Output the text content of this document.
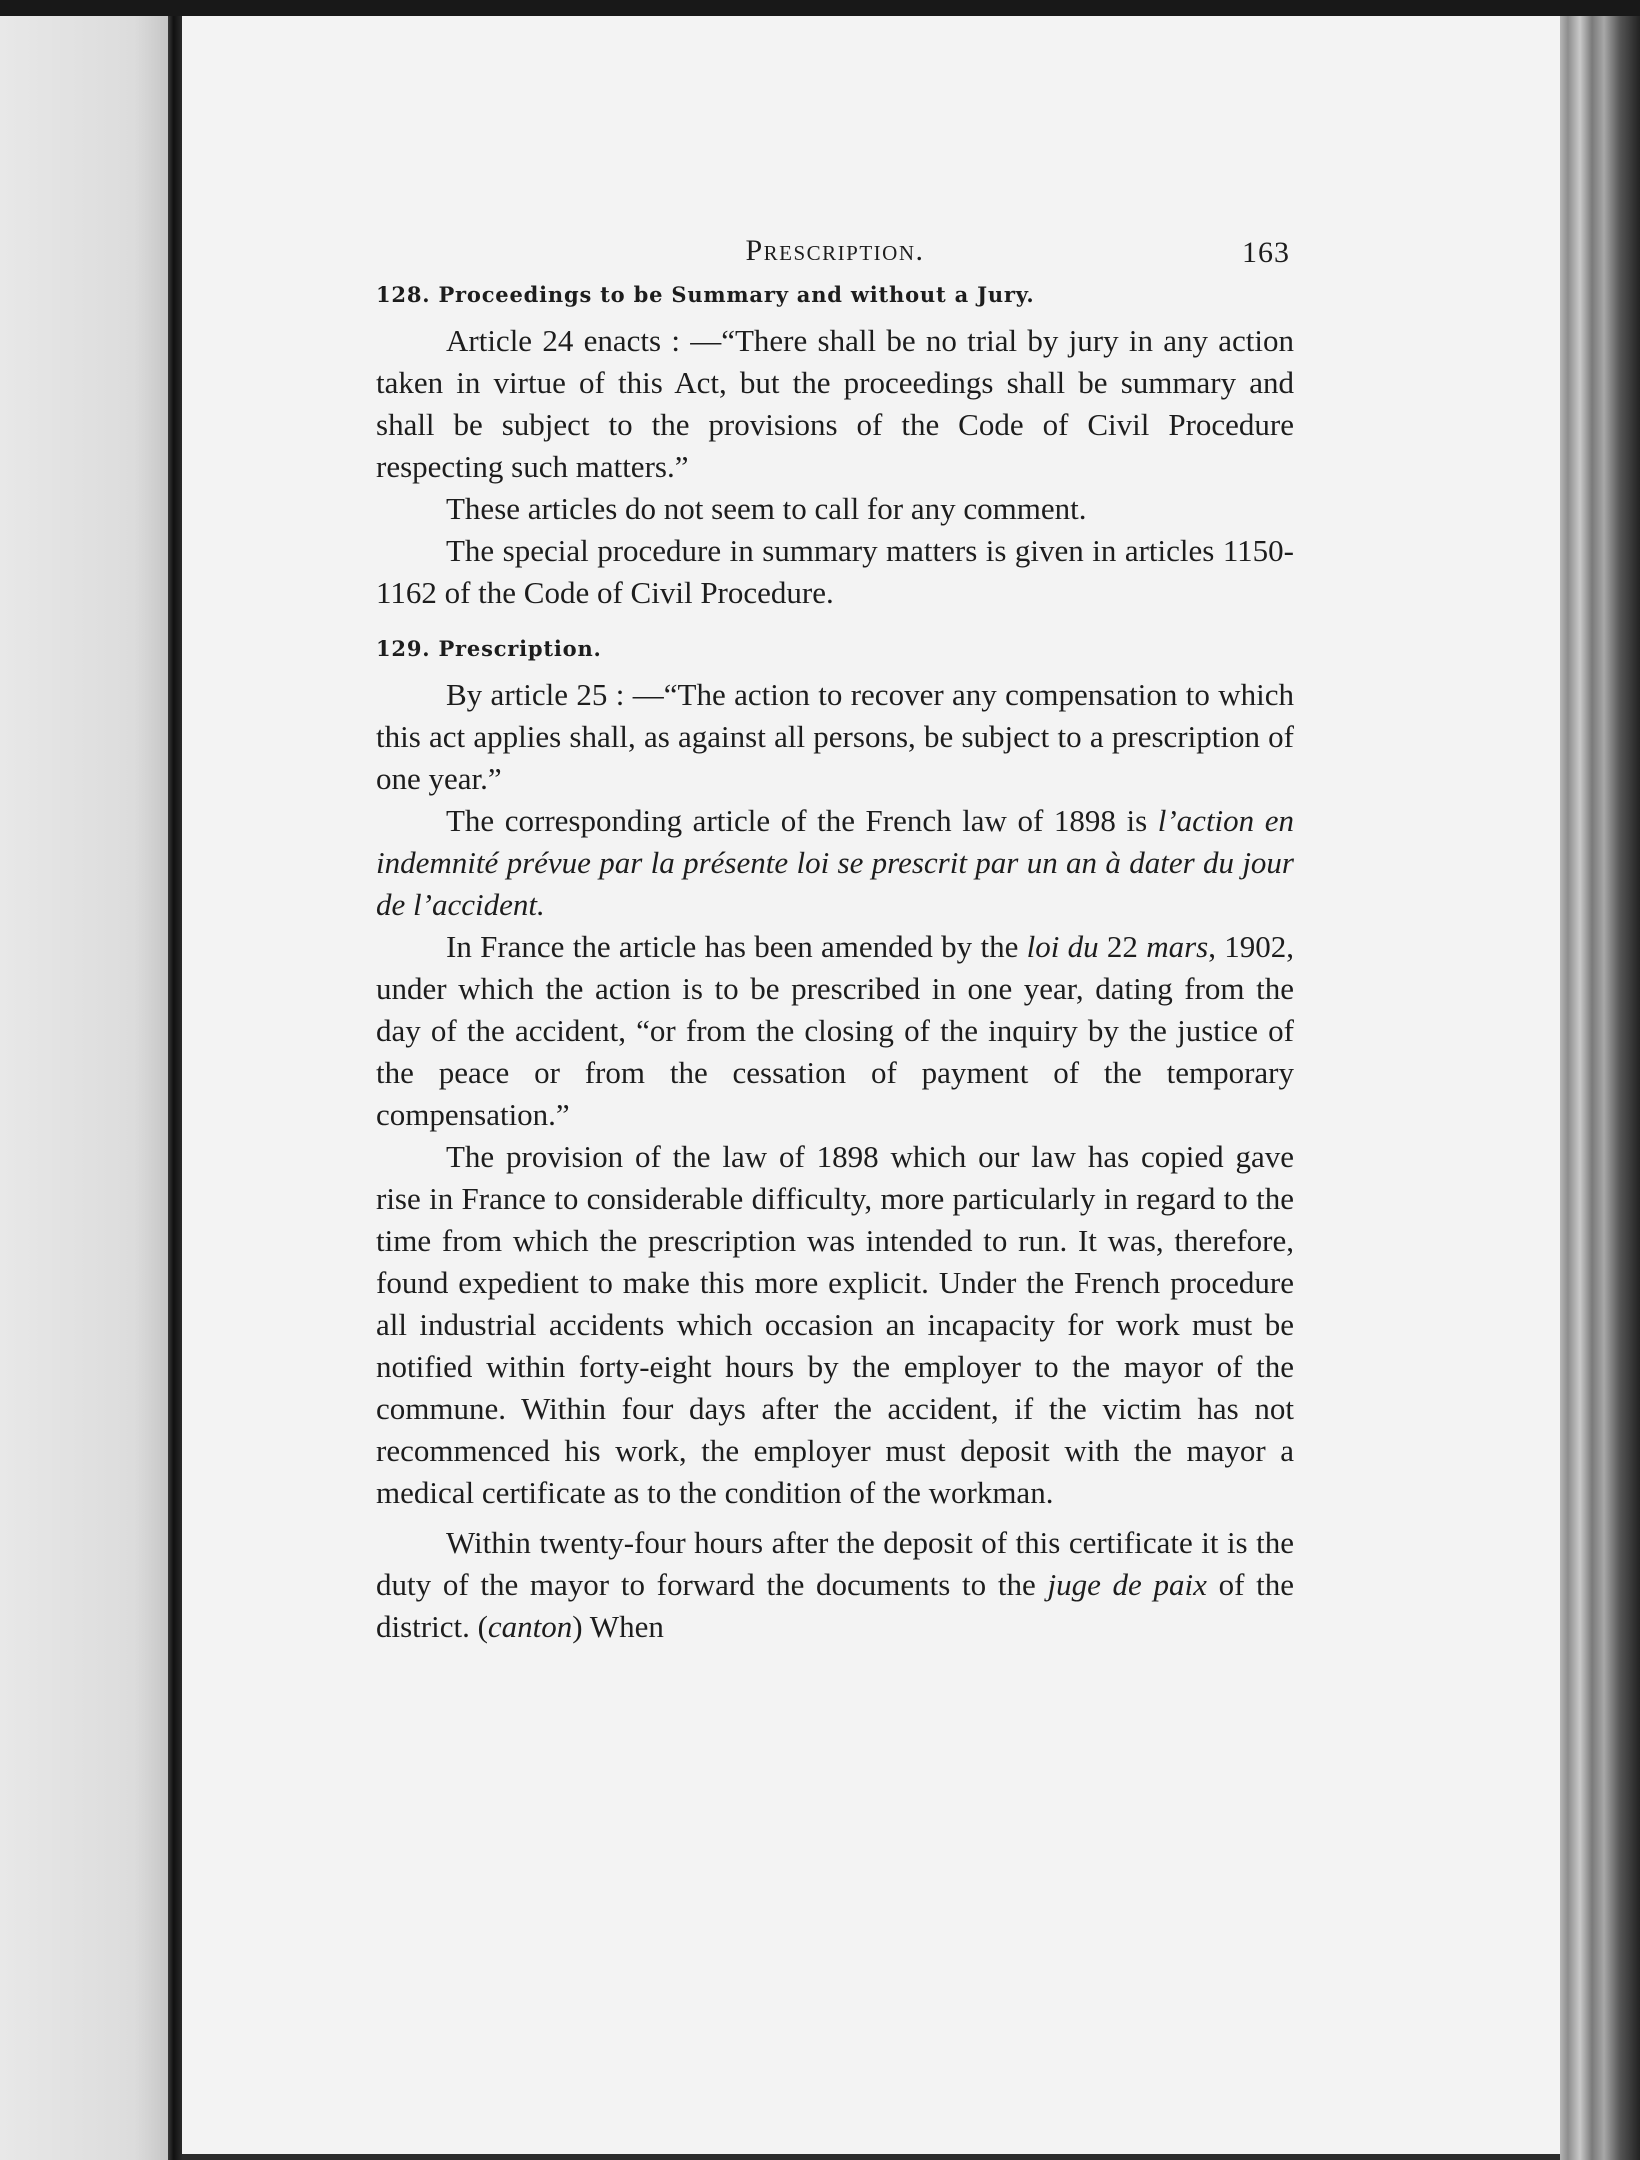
Prescription.	163
128. Proceedings to be Summary and without a Jury.

Article 24 enacts : —“There shall be no trial by jury in any action taken in virtue of this Act, but the proceedings shall be summary and shall be subject to the provisions of the Code of Civil Procedure respecting such matters.”

These articles do not seem to call for any comment.

The special procedure in summary matters is given in articles 1150-1162 of the Code of Civil Procedure.

129. Prescription.

By article 25 : —“The action to recover any compensation to which this act applies shall, as against all persons, be subject to a prescription of one year.”

The corresponding article of the French law of 1898 is l’action en indemnité prévue par la présente loi se prescrit par un an à dater du jour de l’accident.

In France the article has been amended by the loi du 22 mars, 1902, under which the action is to be prescribed in one year, dating from the day of the accident, “or from the closing of the inquiry by the justice of the peace or from the cessation of payment of the temporary compensation.”

The provision of the law of 1898 which our law has copied gave rise in France to considerable difficulty, more particularly in regard to the time from which the prescription was intended to run. It was, therefore, found expedient to make this more explicit. Under the French procedure all industrial accidents which occasion an incapacity for work must be notified within forty-eight hours by the employer to the mayor of the commune. Within four days after the accident, if the victim has not recommenced his work, the employer must deposit with the mayor a medical certificate as to the condition of the workman.

Within twenty-four hours after the deposit of this certificate it is the duty of the mayor to forward the documents to the juge de paix of the district. (canton) When
